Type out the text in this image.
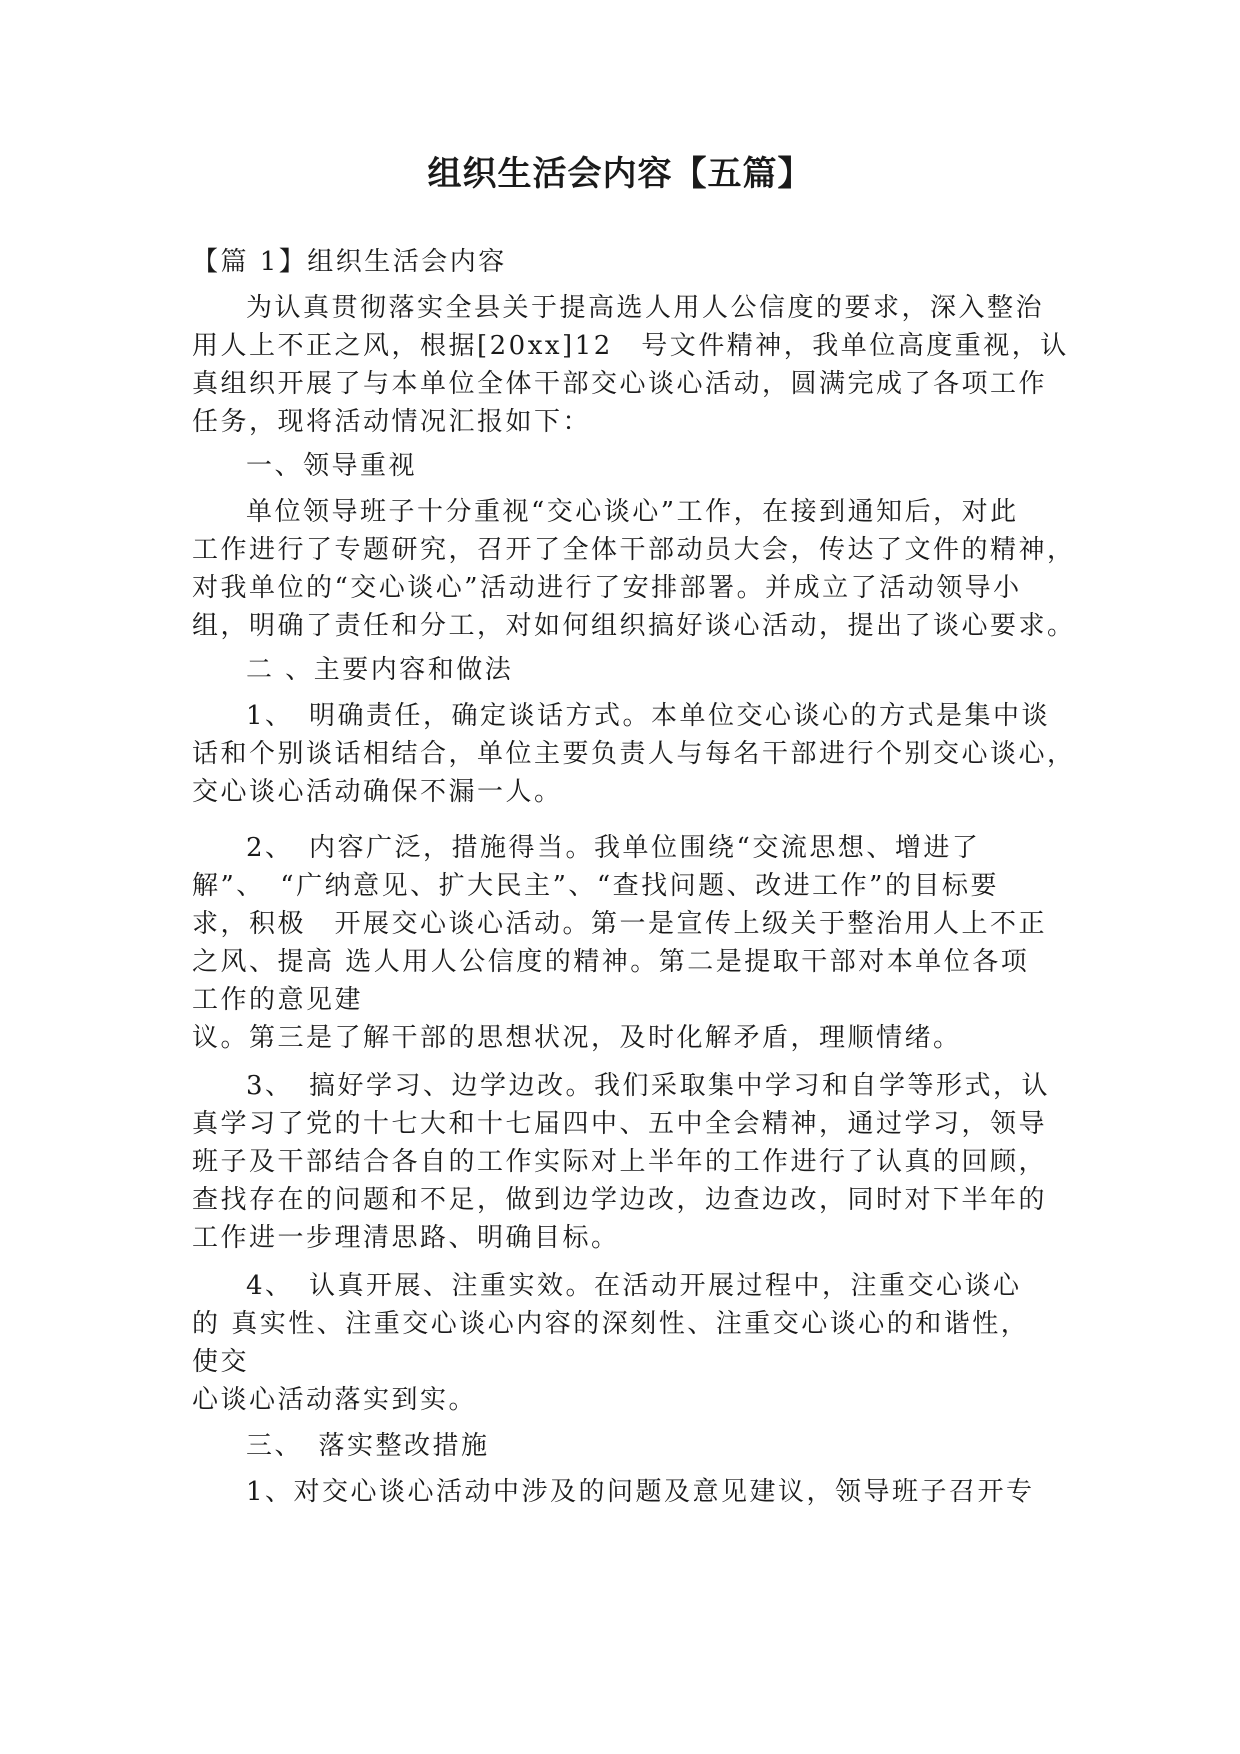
组织生活会内容【五篇】
【篇 1】组织生活会内容
为认真贯彻落实全县关于提高选人用人公信度的要求，深入整治
用人上不正之风，根据[20xx]12　号文件精神，我单位高度重视，认
真组织开展了与本单位全体干部交心谈心活动，圆满完成了各项工作
任务，现将活动情况汇报如下：
一、领导重视
单位领导班子十分重视“交心谈心”工作，在接到通知后，对此
工作进行了专题研究，召开了全体干部动员大会，传达了文件的精神，
对我单位的“交心谈心”活动进行了安排部署。并成立了活动领导小
组，明确了责任和分工，对如何组织搞好谈心活动，提出了谈心要求。
二 、主要内容和做法
1、　明确责任，确定谈话方式。本单位交心谈心的方式是集中谈
话和个别谈话相结合，单位主要负责人与每名干部进行个别交心谈心，
交心谈心活动确保不漏一人。
2、　内容广泛，措施得当。我单位围绕“交流思想、增进了
解”、　“广纳意见、扩大民主”、“查找问题、改进工作”的目标要
求，积极　开展交心谈心活动。第一是宣传上级关于整治用人上不正
之风、提高 选人用人公信度的精神。第二是提取干部对本单位各项
工作的意见建
议。第三是了解干部的思想状况，及时化解矛盾，理顺情绪。
3、　搞好学习、边学边改。我们采取集中学习和自学等形式，认
真学习了党的十七大和十七届四中、五中全会精神，通过学习，领导
班子及干部结合各自的工作实际对上半年的工作进行了认真的回顾，
查找存在的问题和不足，做到边学边改，边查边改，同时对下半年的
工作进一步理清思路、明确目标。
4、　认真开展、注重实效。在活动开展过程中，注重交心谈心
的 真实性、注重交心谈心内容的深刻性、注重交心谈心的和谐性，
使交
心谈心活动落实到实。
三、　落实整改措施
1、对交心谈心活动中涉及的问题及意见建议，领导班子召开专
